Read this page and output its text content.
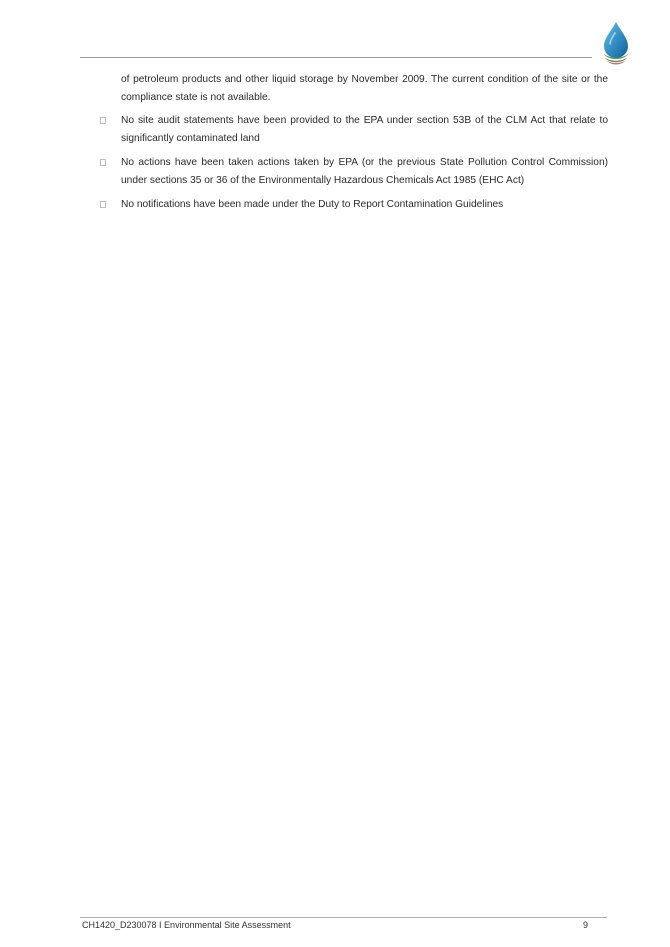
of petroleum products and other liquid storage by November 2009. The current condition of the site or the compliance state is not available.

No site audit statements have been provided to the EPA under section 53B of the CLM Act that relate to significantly contaminated land
No actions have been taken actions taken by EPA (or the previous State Pollution Control Commission) under sections 35 or 36 of the Environmentally Hazardous Chemicals Act 1985 (EHC Act)
No notifications have been made under the Duty to Report Contamination Guidelines
CH1420_D230078 I Environmental Site Assessment	9
